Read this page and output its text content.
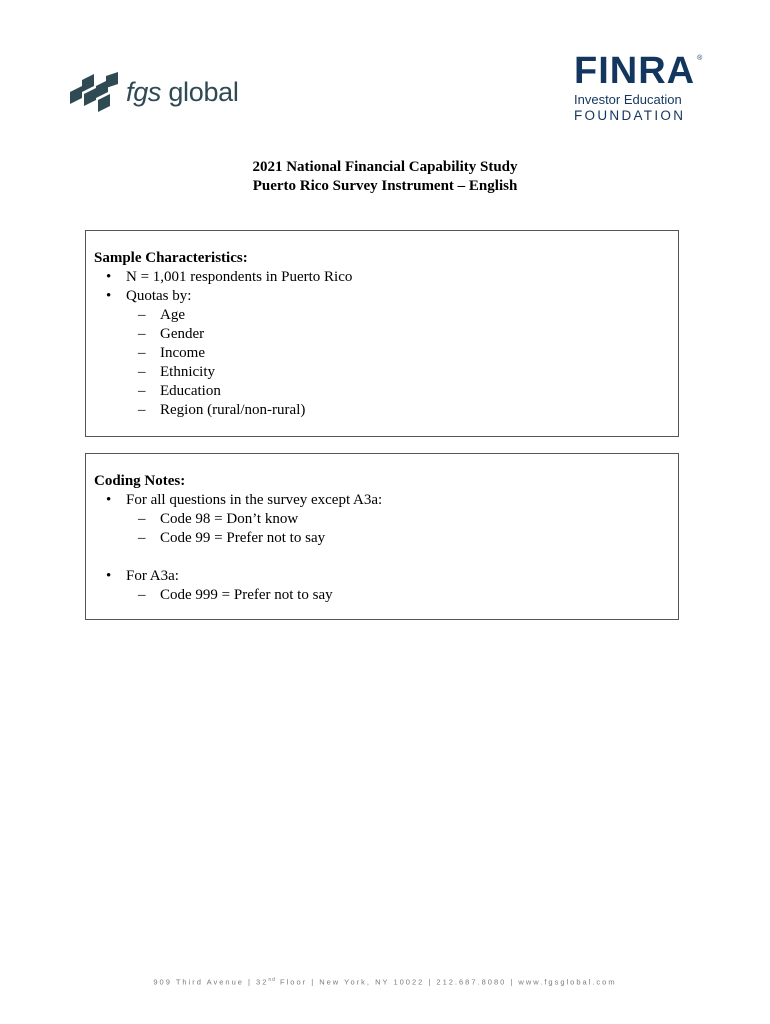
fgs global	FINRA ®
Investor Education
FOUNDATION
2021 National Financial Capability Study
Puerto Rico Survey Instrument – English
Sample Characteristics:
• N = 1,001 respondents in Puerto Rico
• Quotas by:
– Age
– Gender
– Income
– Ethnicity
– Education
– Region (rural/non-rural)
Coding Notes:
• For all questions in the survey except A3a:
– Code 98 = Don’t know
– Code 99 = Prefer not to say
• For A3a:
– Code 999 = Prefer not to say
909 Third Avenue | 32nd Floor | New York, NY 10022 | 212.687.8080 | www.fgsglobal.com
